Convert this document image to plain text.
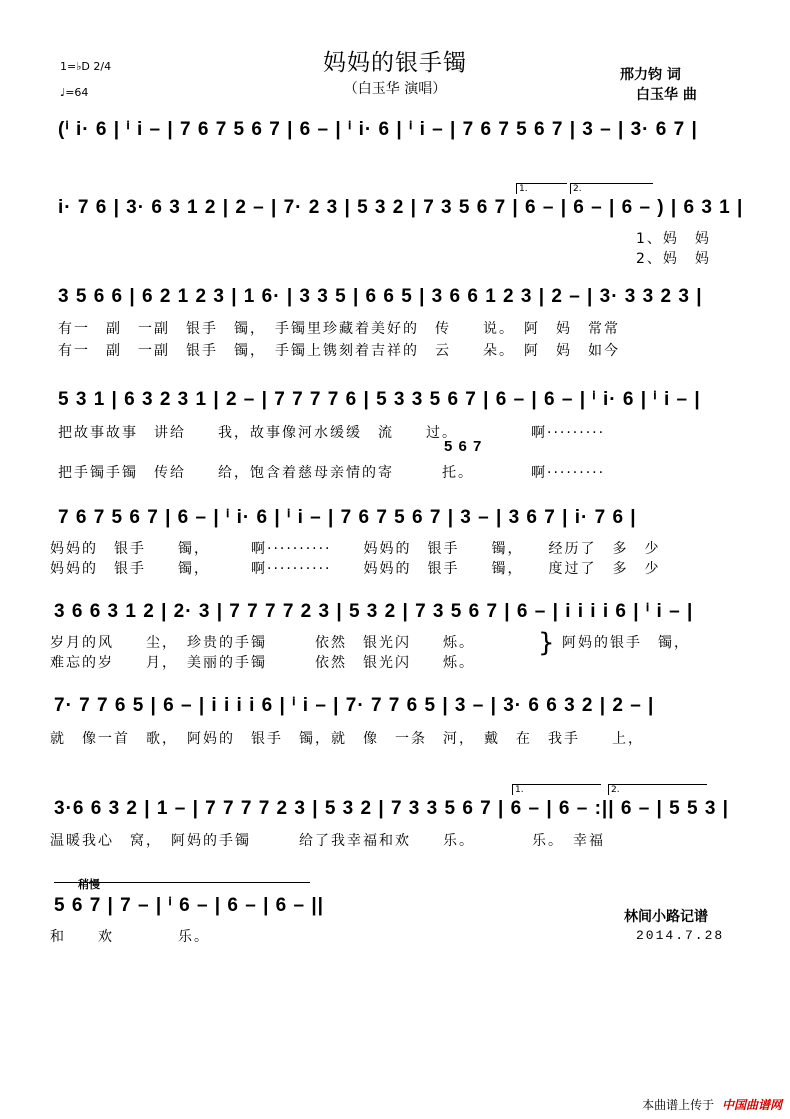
妈妈的银手镯
（白玉华 演唱）
邢力钧 词
白玉华 曲
1=♭D 2/4
♩=64
(ⁱ i· 6 | ⁱ i – | 7 6 7 5 6 7 | 6 – | ⁱ i· 6 | ⁱ i – | 7 6 7 5 6 7 | 3 – | 3· 6 7 |
1.	2.
i· 7 6 | 3· 6 3 1 2 | 2 – | 7· 2 3 | 5 3 2 | 7 3 5 6 7 | 6 – | 6 – | 6 – ) | 6 3 1 |
1、妈　妈
2、妈　妈
3 5 6 6 | 6 2 1 2 3 | 1 6· | 3 3 5 | 6 6 5 | 3 6 6 1 2 3 | 2 – | 3· 3 3 2 3 |
有一　副　一副　银手　镯，　手镯里珍藏着美好的　传　　说。　阿　妈　常常
有一　副　一副　银手　镯，　手镯上镌刻着吉祥的　云　　朵。　阿　妈　如今
5 3 1 | 6 3 2 3 1 | 2 – | 7 7 7 7 6 | 5 3 3 5 6 7 | 6 – | 6 – | ⁱ i· 6 | ⁱ i – |
把故事故事　讲给　　我，故事像河水缓缓　流　　过。　　　　　啊·········
5 6 7
把手镯手镯　传给　　给，饱含着慈母亲情的寄　　　托。　　　　啊·········
7 6 7 5 6 7 | 6 – | ⁱ i· 6 | ⁱ i – | 7 6 7 5 6 7 | 3 – | 3 6 7 | i· 7 6 |
妈妈的　银手　　镯，　　　啊··········　　妈妈的　银手　　镯，　　经历了　多　少
妈妈的　银手　　镯，　　　啊··········　　妈妈的　银手　　镯，　　度过了　多　少
3 6 6 3 1 2 | 2· 3 | 7 7 7 7 2 3 | 5 3 2 | 7 3 5 6 7 | 6 – | i i i i 6 | ⁱ i – |
岁月的风　　尘，　珍贵的手镯　　　依然　银光闪　　烁。
难忘的岁　　月，　美丽的手镯　　　依然　银光闪　　烁。
} 阿妈的银手　镯，
7· 7 7 6 5 | 6 – | i i i i 6 | ⁱ i – | 7· 7 7 6 5 | 3 – | 3· 6 6 3 2 | 2 – |
就　像一首　歌，　阿妈的　银手　镯，就　像　一条　河，　戴　在　我手　　上，
1.	2.
3·6 6 3 2 | 1 – | 7 7 7 7 2 3 | 5 3 2 | 7 3 3 5 6 7 | 6 – | 6 – :|| 6 – | 5 5 3 |
温暖我心　窝，　阿妈的手镯　　　给了我幸福和欢　　乐。　　　　乐。　幸福
稍慢
5 6 7 | 7 – | ⁱ 6 – | 6 – | 6 – ||
和　　欢　　　　乐。
林间小路记谱
2014.7.28
本曲谱上传于 中国曲谱网
